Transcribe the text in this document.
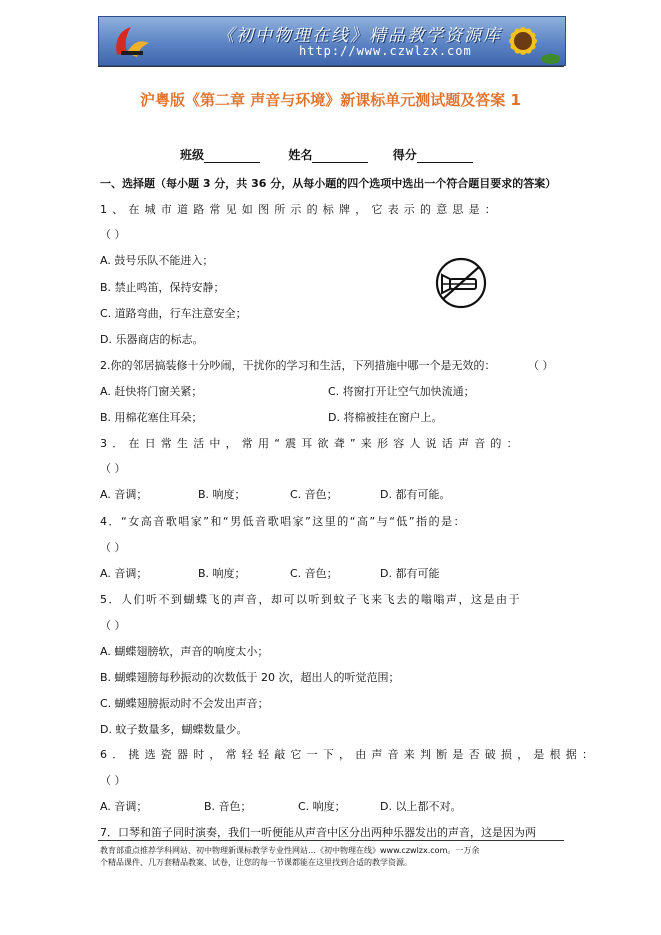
《初中物理在线》精品教学资源库
http://www.czwlzx.com
沪粤版《第二章 声音与环境》新课标单元测试题及答案 1
班级	姓名	得分
一、选择题（每小题 3 分，共 36 分，从每小题的四个选项中选出一个符合题目要求的答案）
1、在城市道路常见如图所示的标牌，它表示的意思是：
（ ）
A. 鼓号乐队不能进入；
B. 禁止鸣笛，保持安静；
C. 道路弯曲，行车注意安全；
D. 乐器商店的标志。
2.你的邻居搞装修十分吵闹，干扰你的学习和生活，下列措施中哪一个是无效的：	（ ）
A. 赶快将门窗关紧；	C. 将窗打开让空气加快流通；
B. 用棉花塞住耳朵；	D. 将棉被挂在窗户上。
3．在日常生活中，常用“震耳欲聋”来形容人说话声音的：
（ ）
A. 音调；	B. 响度；	C. 音色；	D. 都有可能。
4．“女高音歌唱家”和“男低音歌唱家”这里的“高”与“低”指的是：
（ ）
A. 音调；	B. 响度；	C. 音色；	D. 都有可能
5．人们听不到蝴蝶飞的声音，却可以听到蚊子飞来飞去的嗡嗡声，这是由于
（ ）
A. 蝴蝶翅膀软，声音的响度太小；
B. 蝴蝶翅膀每秒振动的次数低于 20 次，超出人的听觉范围；
C. 蝴蝶翅膀振动时不会发出声音；
D. 蚊子数量多，蝴蝶数量少。
6．挑选瓷器时，常轻轻敲它一下，由声音来判断是否破损，是根据：
（ ）
A. 音调；	B. 音色；	C. 响度；	D. 以上都不对。
7．口琴和笛子同时演奏，我们一听便能从声音中区分出两种乐器发出的声音，这是因为两
教育部重点推荐学科网站、初中物理新课标教学专业性网站…《初中物理在线》www.czwlzx.com。一万余
个精品课件、几万套精品教案、试卷，让您的每一节课都能在这里找到合适的教学资源。
